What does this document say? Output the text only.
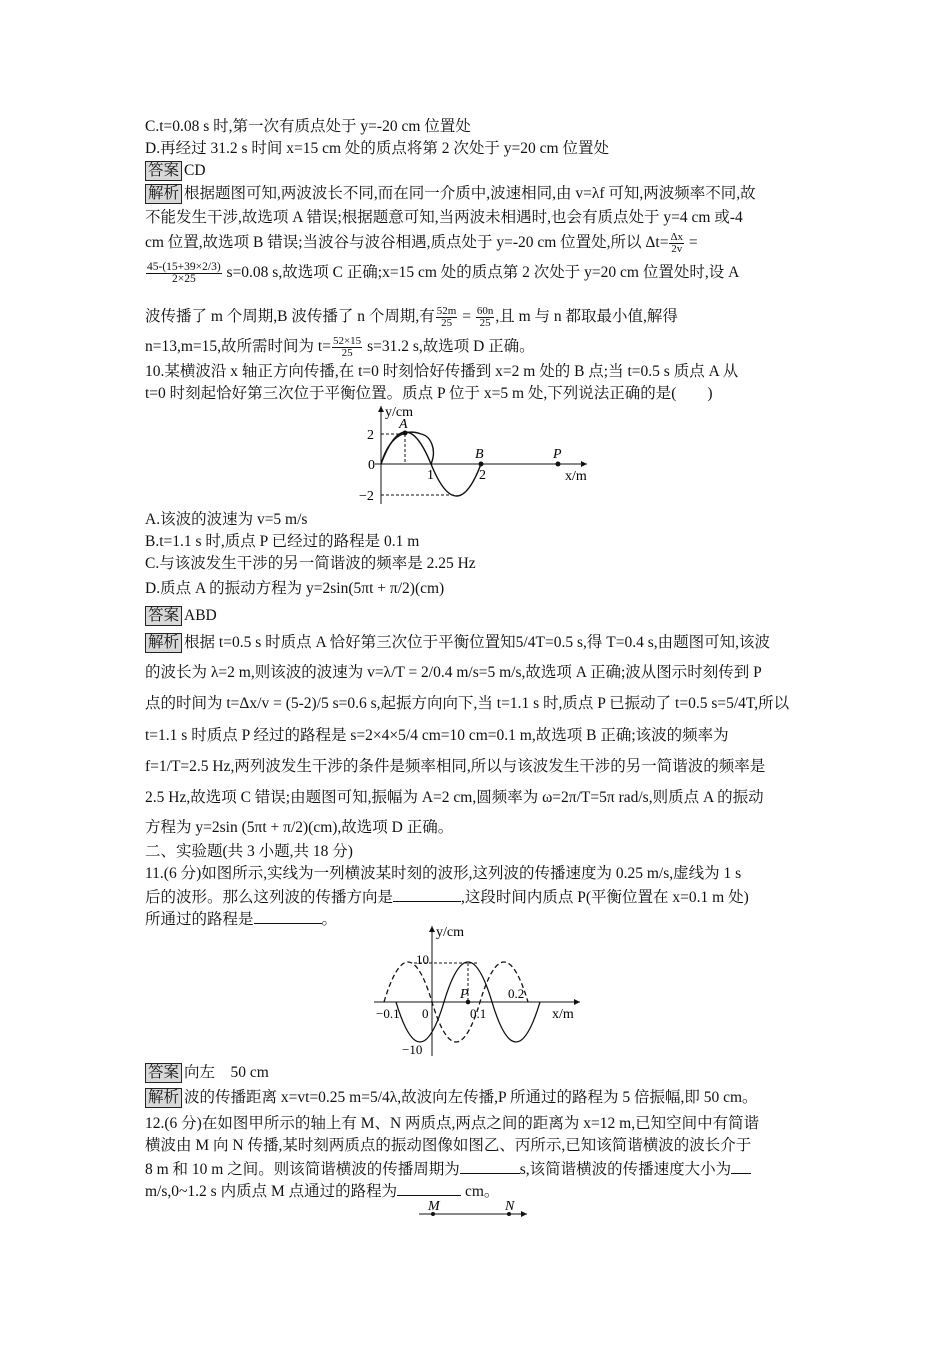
C.t=0.08 s 时,第一次有质点处于 y=-20 cm 位置处
D.再经过 31.2 s 时间 x=15 cm 处的质点将第 2 次处于 y=20 cm 位置处
答案 CD
解析 根据题图可知,两波波长不同,而在同一介质中,波速相同,由 v=λf 可知,两波频率不同,故
不能发生干涉,故选项 A 错误;根据题意可知,当两波未相遇时,也会有质点处于 y=4 cm 或-4
cm 位置,故选项 B 错误;当波谷与波谷相遇,质点处于 y=-20 cm 位置处,所以 $\Delta t= \frac{\Delta x}{2v}$ =
$\frac{45-(15+39\times 2/3)}{2\times 25} s=0.08$ s,故选项 C 正确;x=15 cm 处的质点第 2 次处于 y=20 cm 位置处时,设 A
波传播了 m 个周期,B 波传播了 n 个周期,有 $\frac{52m}{25} = \frac{60n}{25}$ ,且 m 与 n 都取最小值,解得
n=13,m=15,故所需时间为 $t= \frac{52\times 15}{25} s=31.2$ s,故选项 D 正确。
10.某横波沿 x 轴正方向传播,在 t=0 时刻恰好传播到 x=2 m 处的 B 点;当 t=0.5 s 质点 A 从
t=0 时刻起恰好第三次位于平衡位置。质点 P 位于 x=5 m 处,下列说法正确的是(　　)
y/cm
x/m
2
0
−2
1	2
A
B	P
A.该波的波速为 v=5 m/s
B.t=1.1 s 时,质点 P 已经过的路程是 0.1 m
C.与该波发生干涉的另一简谐波的频率是 2.25 Hz
D.质点 A 的振动方程为 y=2sin(5πt + π/2)(cm)
答案 ABD
解析 根据 t=0.5 s 时质点 A 恰好第三次位于平衡位置知5/4T=0.5 s,得 T=0.4 s,由题图可知,该波
的波长为 λ=2 m,则该波的波速为 v=λ/T = 2/0.4 m/s=5 m/s,故选项 A 正确;波从图示时刻传到 P
点的时间为 t=Δx/v = (5-2)/5 s=0.6 s,起振方向向下,当 t=1.1 s 时,质点 P 已振动了 t=0.5 s=5/4T,所以
t=1.1 s 时质点 P 经过的路程是 s=2×4×5/4 cm=10 cm=0.1 m,故选项 B 正确;该波的频率为
f=1/T=2.5 Hz,两列波发生干涉的条件是频率相同,所以与该波发生干涉的另一简谐波的频率是
2.5 Hz,故选项 C 错误;由题图可知,振幅为 A=2 cm,圆频率为 ω=2π/T=5π rad/s,则质点 A 的振动
方程为 y=2sin (5πt + π/2)(cm),故选项 D 正确。
二、实验题(共 3 小题,共 18 分)
11.(6 分)如图所示,实线为一列横波某时刻的波形,这列波的传播速度为 0.25 m/s,虚线为 1 s
后的波形。那么这列波的传播方向是	,这段时间内质点 P(平衡位置在 x=0.1 m 处)
所通过的路程是	。
y/cm
x/m
10
−10
−0.1 0	0.1
0.2
P
答案 向左　50 cm
解析 波的传播距离 x=vt=0.25 m=5/4λ,故波向左传播,P 所通过的路程为 5 倍振幅,即 50 cm。
12.(6 分)在如图甲所示的轴上有 M、N 两质点,两点之间的距离为 x=12 m,已知空间中有简谐
横波由 M 向 N 传播,某时刻两质点的振动图像如图乙、丙所示,已知该简谐横波的波长介于
8 m 和 10 m 之间。则该简谐横波的传播周期为	s,该简谐横波的传播速度大小为
m/s,0~1.2 s 内质点 M 点通过的路程为	cm。
M	N
